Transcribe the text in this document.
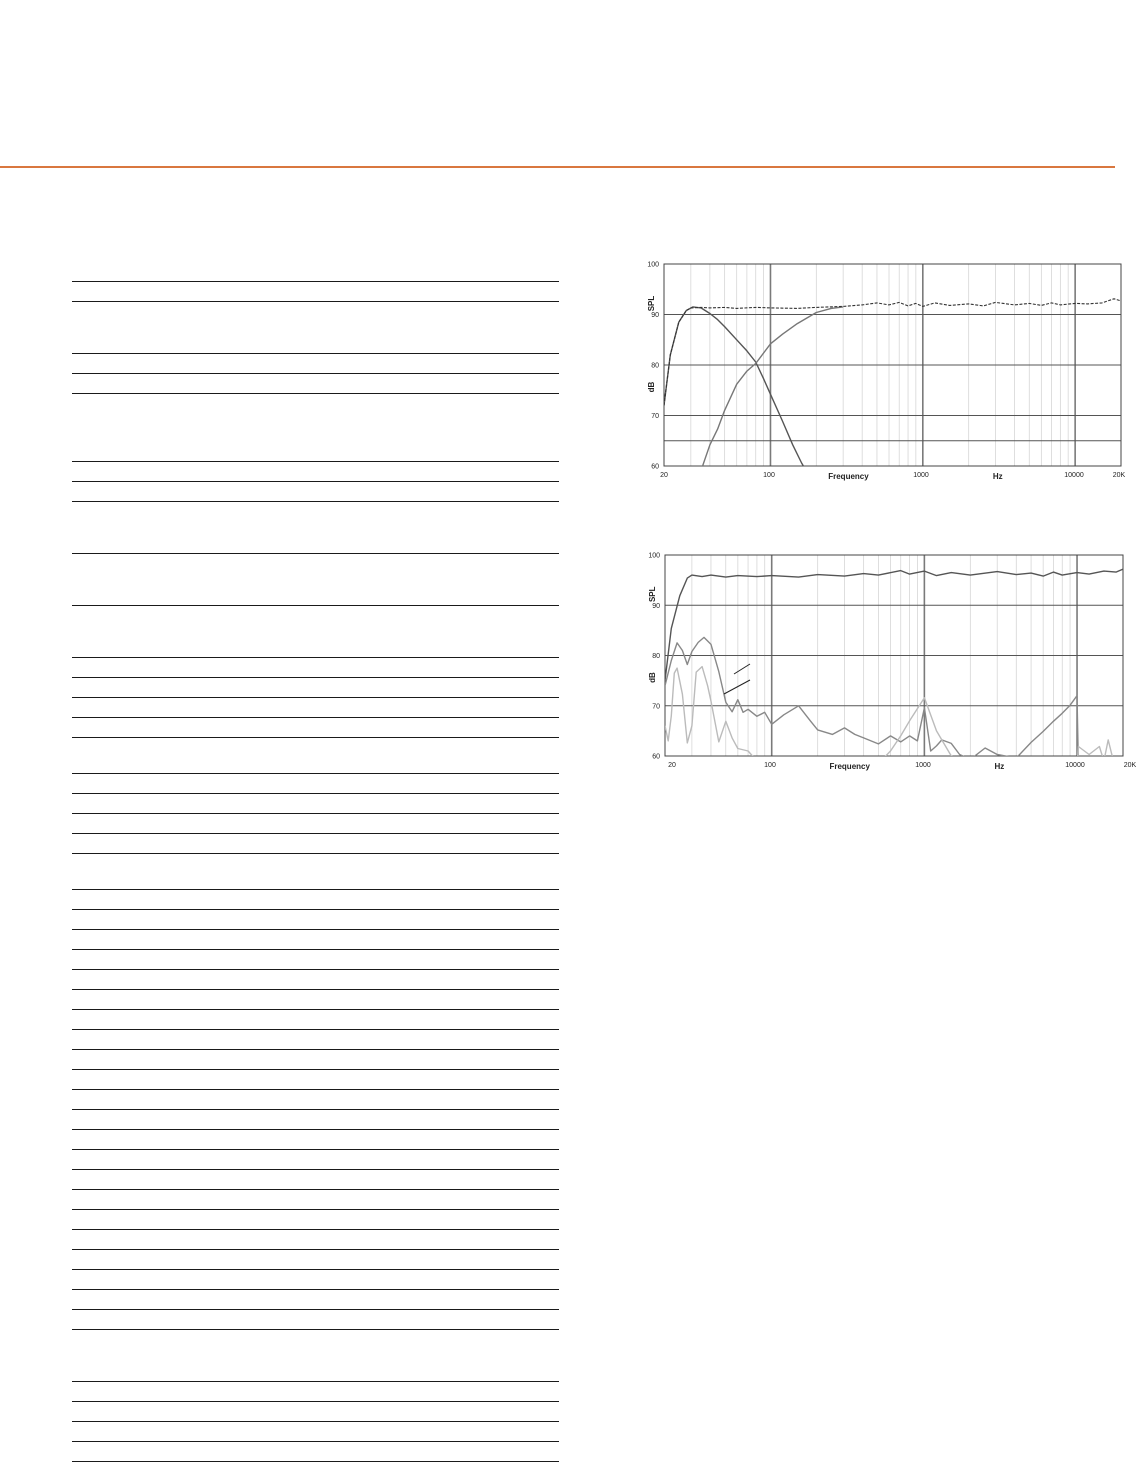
100
90
80
70
60
20	100	1000	10000	20K
Frequency	Hz
dB
SPL
100
90
80
70
60
20	100	1000	10000	20K
Frequency	Hz
dB
SPL
